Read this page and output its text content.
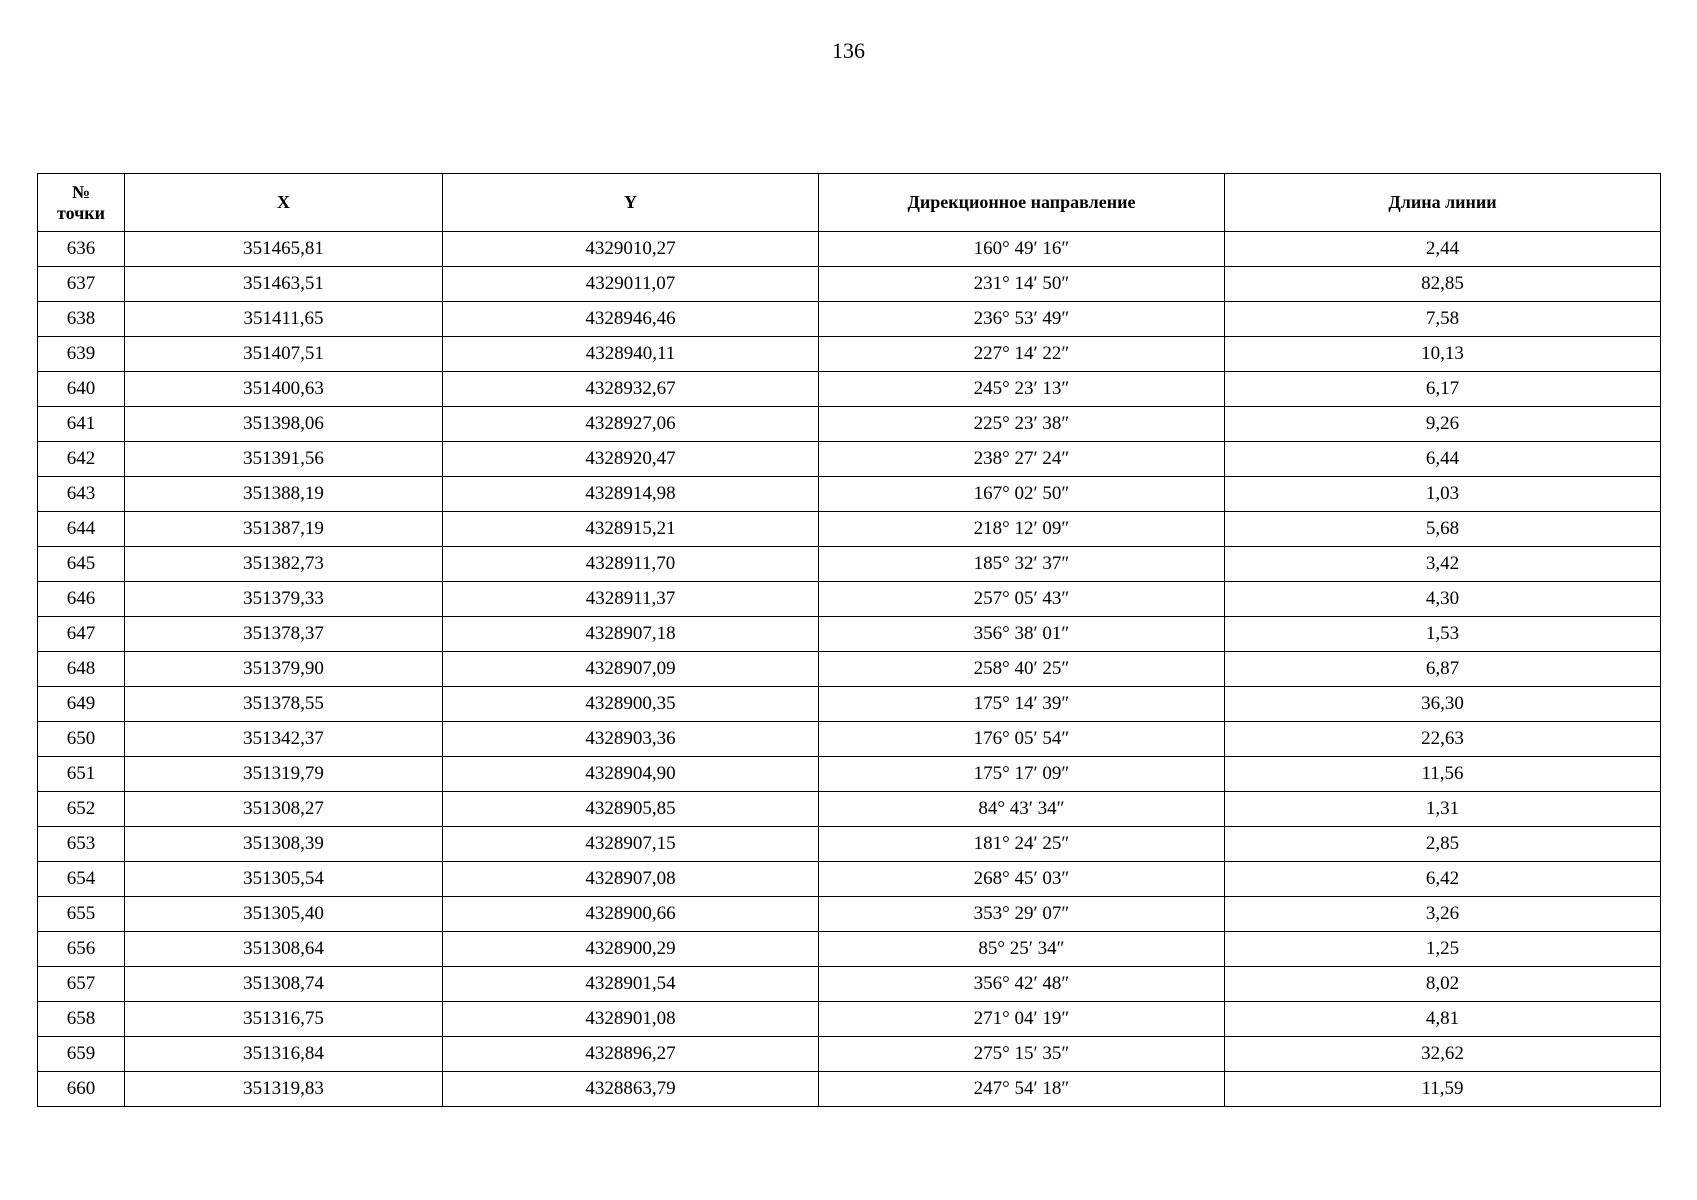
136
№ точки	X	Y	Дирекционное направление	Длина линии
636	351465,81	4329010,27	160° 49′ 16″	2,44
637	351463,51	4329011,07	231° 14′ 50″	82,85
638	351411,65	4328946,46	236° 53′ 49″	7,58
639	351407,51	4328940,11	227° 14′ 22″	10,13
640	351400,63	4328932,67	245° 23′ 13″	6,17
641	351398,06	4328927,06	225° 23′ 38″	9,26
642	351391,56	4328920,47	238° 27′ 24″	6,44
643	351388,19	4328914,98	167° 02′ 50″	1,03
644	351387,19	4328915,21	218° 12′ 09″	5,68
645	351382,73	4328911,70	185° 32′ 37″	3,42
646	351379,33	4328911,37	257° 05′ 43″	4,30
647	351378,37	4328907,18	356° 38′ 01″	1,53
648	351379,90	4328907,09	258° 40′ 25″	6,87
649	351378,55	4328900,35	175° 14′ 39″	36,30
650	351342,37	4328903,36	176° 05′ 54″	22,63
651	351319,79	4328904,90	175° 17′ 09″	11,56
652	351308,27	4328905,85	84° 43′ 34″	1,31
653	351308,39	4328907,15	181° 24′ 25″	2,85
654	351305,54	4328907,08	268° 45′ 03″	6,42
655	351305,40	4328900,66	353° 29′ 07″	3,26
656	351308,64	4328900,29	85° 25′ 34″	1,25
657	351308,74	4328901,54	356° 42′ 48″	8,02
658	351316,75	4328901,08	271° 04′ 19″	4,81
659	351316,84	4328896,27	275° 15′ 35″	32,62
660	351319,83	4328863,79	247° 54′ 18″	11,59
